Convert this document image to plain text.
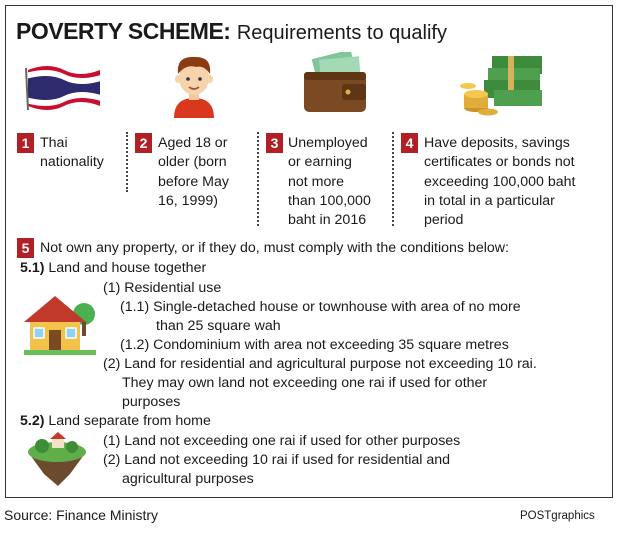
POVERTY SCHEME: Requirements to qualify
1	2	3	4
Thai
nationality
Aged 18 or
older (born
before May
16, 1999)
Unemployed
or earning
not more
than 100,000
baht in 2016
Have deposits, savings
certificates or bonds not
exceeding 100,000 baht
in total in a particular
period
5 Not own any property, or if they do, must comply with the conditions below:
5.1) Land and house together
(1) Residential use
(1.1) Single-detached house or townhouse with area of no more
than 25 square wah
(1.2) Condominium with area not exceeding 35 square metres
(2) Land for residential and agricultural purpose not exceeding 10 rai.
They may own land not exceeding one rai if used for other
purposes
5.2) Land separate from home
(1) Land not exceeding one rai if used for other purposes
(2) Land not exceeding 10 rai if used for residential and
agricultural purposes
Source: Finance Ministry	POSTgraphics
